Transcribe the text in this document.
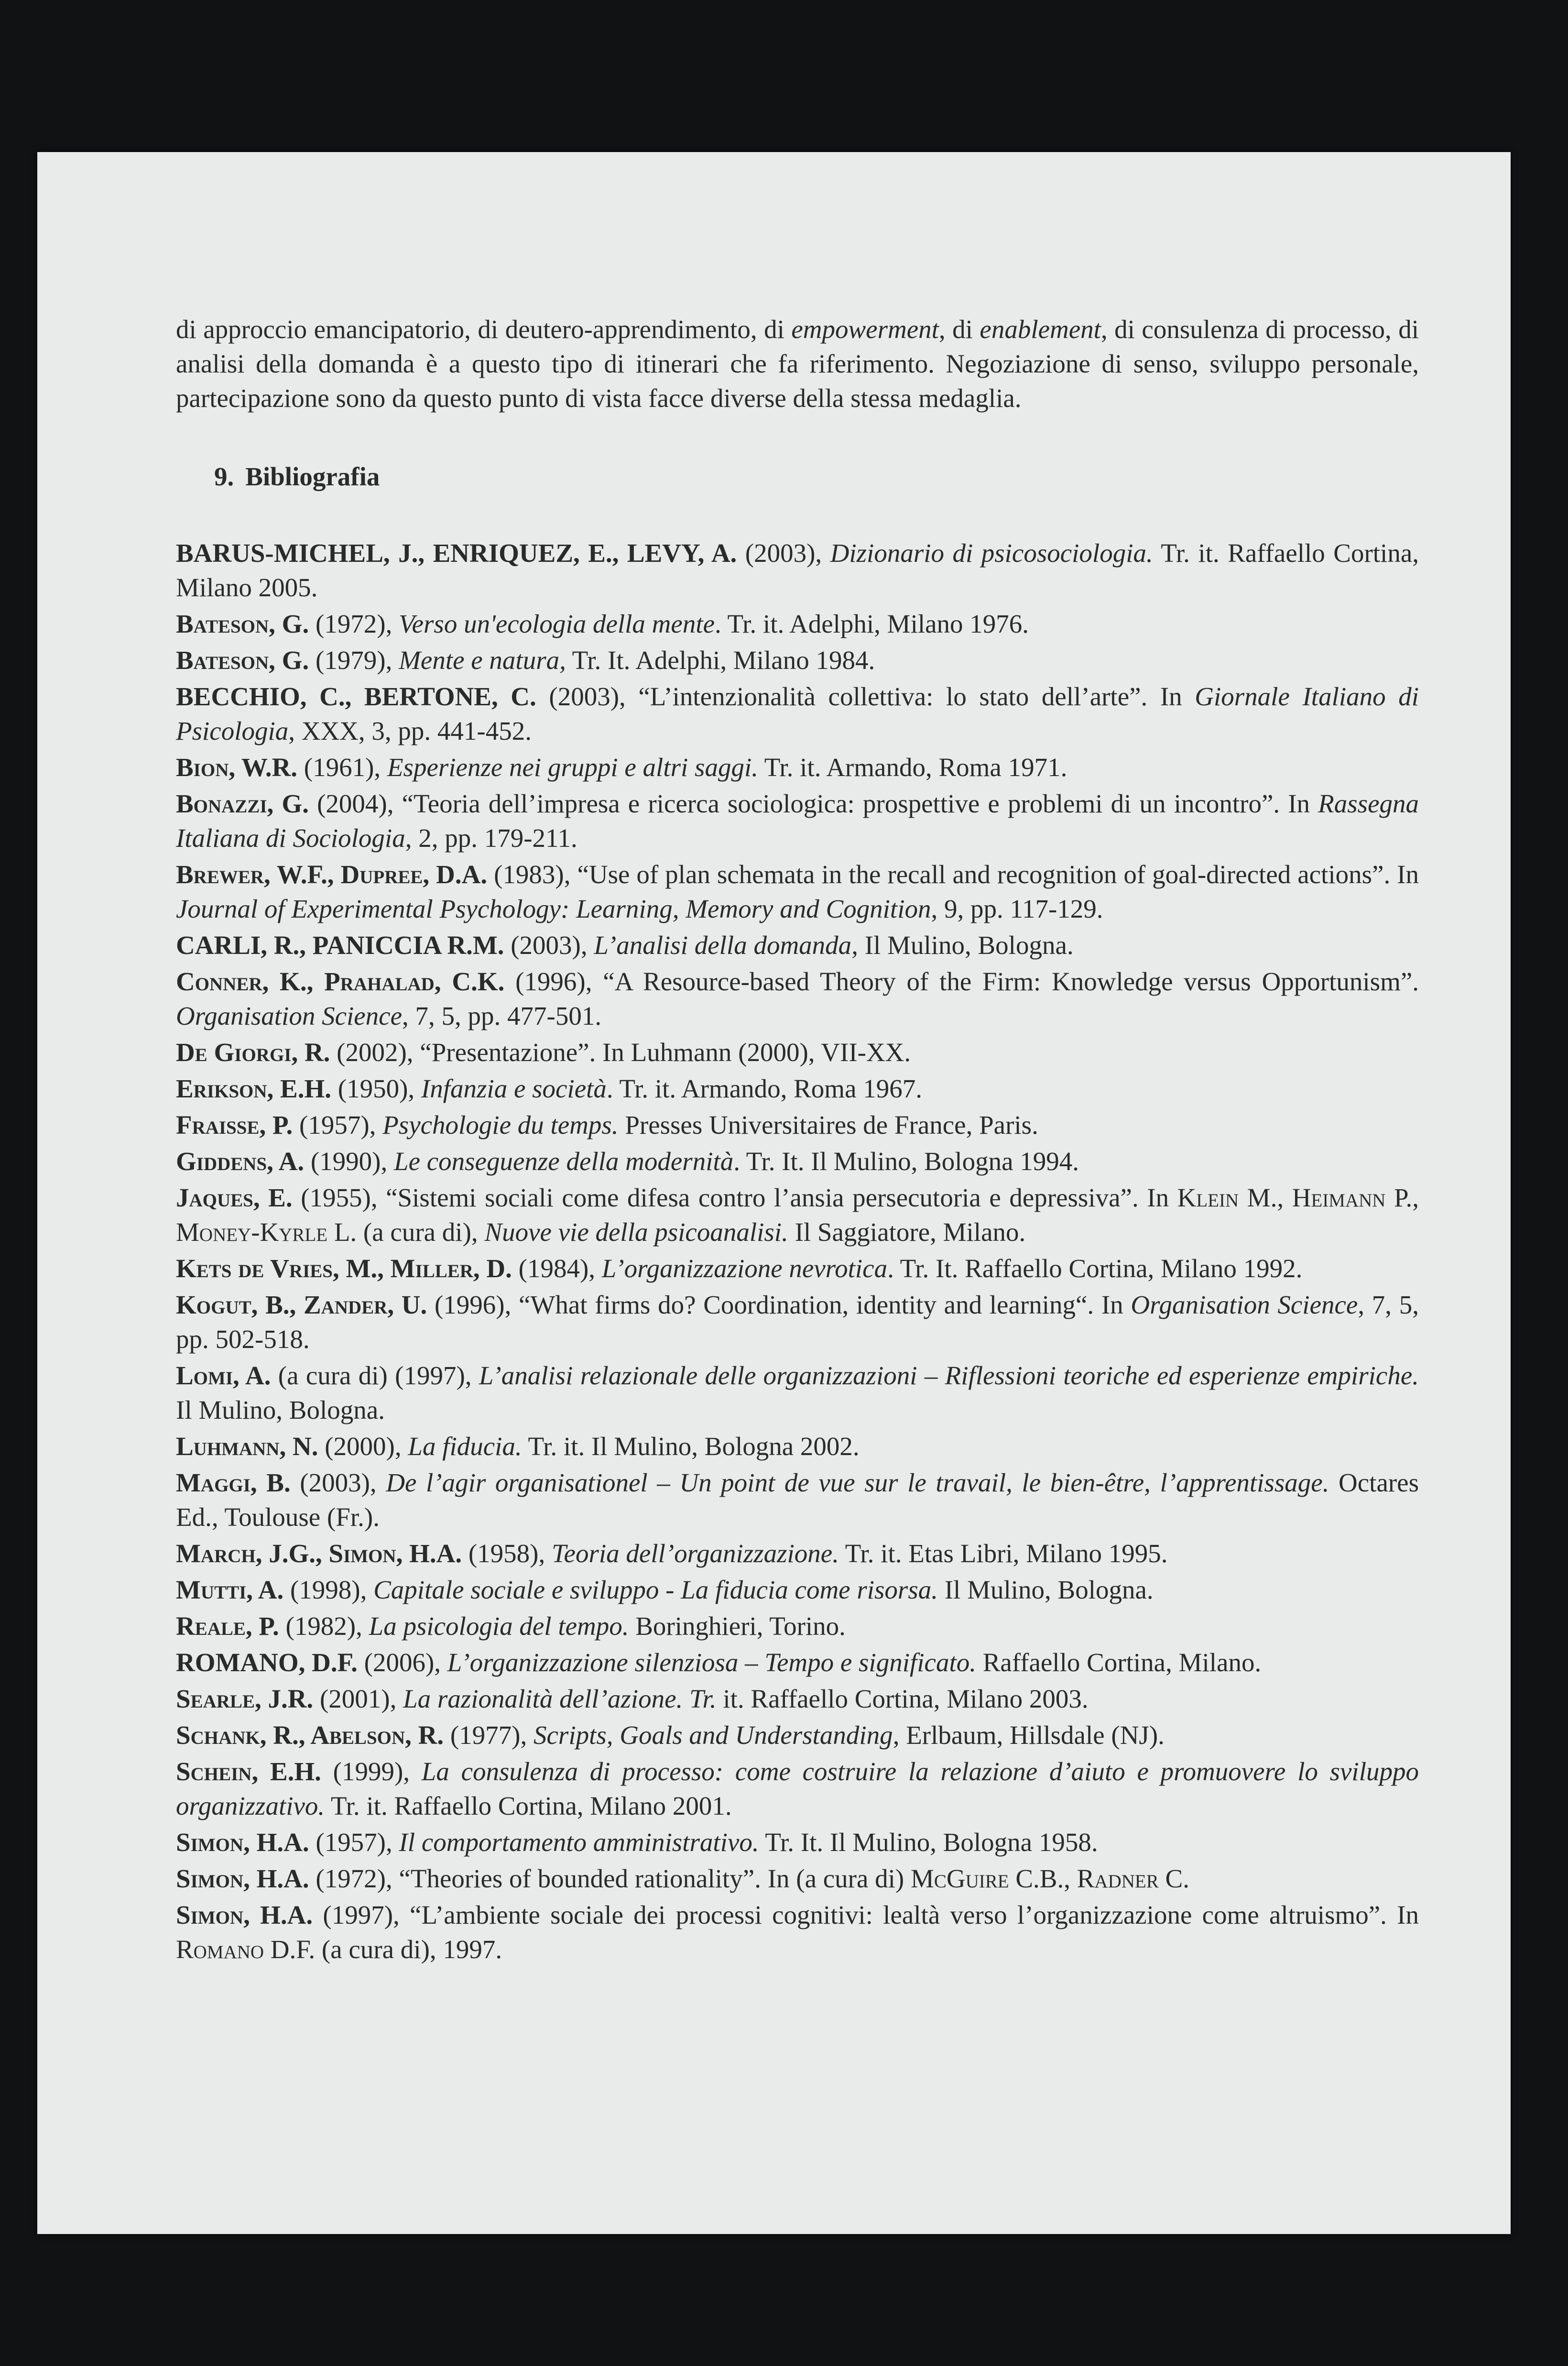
di approccio emancipatorio, di deutero-apprendimento, di empowerment, di enablement, di consulenza di processo, di analisi della domanda è a questo tipo di itinerari che fa riferimento. Negoziazione di senso, sviluppo personale, partecipazione sono da questo punto di vista facce diverse della stessa medaglia.

9. Bibliografia

BARUS-MICHEL, J., ENRIQUEZ, E., LEVY, A. (2003), Dizionario di psicosociologia. Tr. it. Raffaello Cortina, Milano 2005.

Bateson, G. (1972), Verso un'ecologia della mente. Tr. it. Adelphi, Milano 1976.

Bateson, G. (1979), Mente e natura, Tr. It. Adelphi, Milano 1984.

BECCHIO, C., BERTONE, C. (2003), “L’intenzionalità collettiva: lo stato dell’arte”. In Giornale Italiano di Psicologia, XXX, 3, pp. 441-452.

Bion, W.R. (1961), Esperienze nei gruppi e altri saggi. Tr. it. Armando, Roma 1971.

Bonazzi, G. (2004), “Teoria dell’impresa e ricerca sociologica: prospettive e problemi di un incontro”. In Rassegna Italiana di Sociologia, 2, pp. 179-211.

Brewer, W.F., Dupree, D.A. (1983), “Use of plan schemata in the recall and recognition of goal-directed actions”. In Journal of Experimental Psychology: Learning, Memory and Cognition, 9, pp. 117-129.

CARLI, R., PANICCIA R.M. (2003), L’analisi della domanda, Il Mulino, Bologna.

Conner, K., Prahalad, C.K. (1996), “A Resource-based Theory of the Firm: Knowledge versus Opportunism”. Organisation Science, 7, 5, pp. 477-501.

De Giorgi, R. (2002), “Presentazione”. In Luhmann (2000), VII-XX.

Erikson, E.H. (1950), Infanzia e società. Tr. it. Armando, Roma 1967.

Fraisse, P. (1957), Psychologie du temps. Presses Universitaires de France, Paris.

Giddens, A. (1990), Le conseguenze della modernità. Tr. It. Il Mulino, Bologna 1994.

Jaques, E. (1955), “Sistemi sociali come difesa contro l’ansia persecutoria e depressiva”. In Klein M., Heimann P., Money-Kyrle L. (a cura di), Nuove vie della psicoanalisi. Il Saggiatore, Milano.

Kets de Vries, M., Miller, D. (1984), L’organizzazione nevrotica. Tr. It. Raffaello Cortina, Milano 1992.

Kogut, B., Zander, U. (1996), “What firms do? Coordination, identity and learning“. In Organisation Science, 7, 5, pp. 502-518.

Lomi, A. (a cura di) (1997), L’analisi relazionale delle organizzazioni – Riflessioni teoriche ed esperienze empiriche. Il Mulino, Bologna.

Luhmann, N. (2000), La fiducia. Tr. it. Il Mulino, Bologna 2002.

Maggi, B. (2003), De l’agir organisationel – Un point de vue sur le travail, le bien-être, l’apprentissage. Octares Ed., Toulouse (Fr.).

March, J.G., Simon, H.A. (1958), Teoria dell’organizzazione. Tr. it. Etas Libri, Milano 1995.

Mutti, A. (1998), Capitale sociale e sviluppo - La fiducia come risorsa. Il Mulino, Bologna.

Reale, P. (1982), La psicologia del tempo. Boringhieri, Torino.

ROMANO, D.F. (2006), L’organizzazione silenziosa – Tempo e significato. Raffaello Cortina, Milano.

Searle, J.R. (2001), La razionalità dell’azione. Tr. it. Raffaello Cortina, Milano 2003.

Schank, R., Abelson, R. (1977), Scripts, Goals and Understanding, Erlbaum, Hillsdale (NJ).

Schein, E.H. (1999), La consulenza di processo: come costruire la relazione d’aiuto e promuovere lo sviluppo organizzativo. Tr. it. Raffaello Cortina, Milano 2001.

Simon, H.A. (1957), Il comportamento amministrativo. Tr. It. Il Mulino, Bologna 1958.

Simon, H.A. (1972), “Theories of bounded rationality”. In (a cura di) McGuire C.B., Radner C.

Simon, H.A. (1997), “L’ambiente sociale dei processi cognitivi: lealtà verso l’organizzazione come altruismo”. In Romano D.F. (a cura di), 1997.
